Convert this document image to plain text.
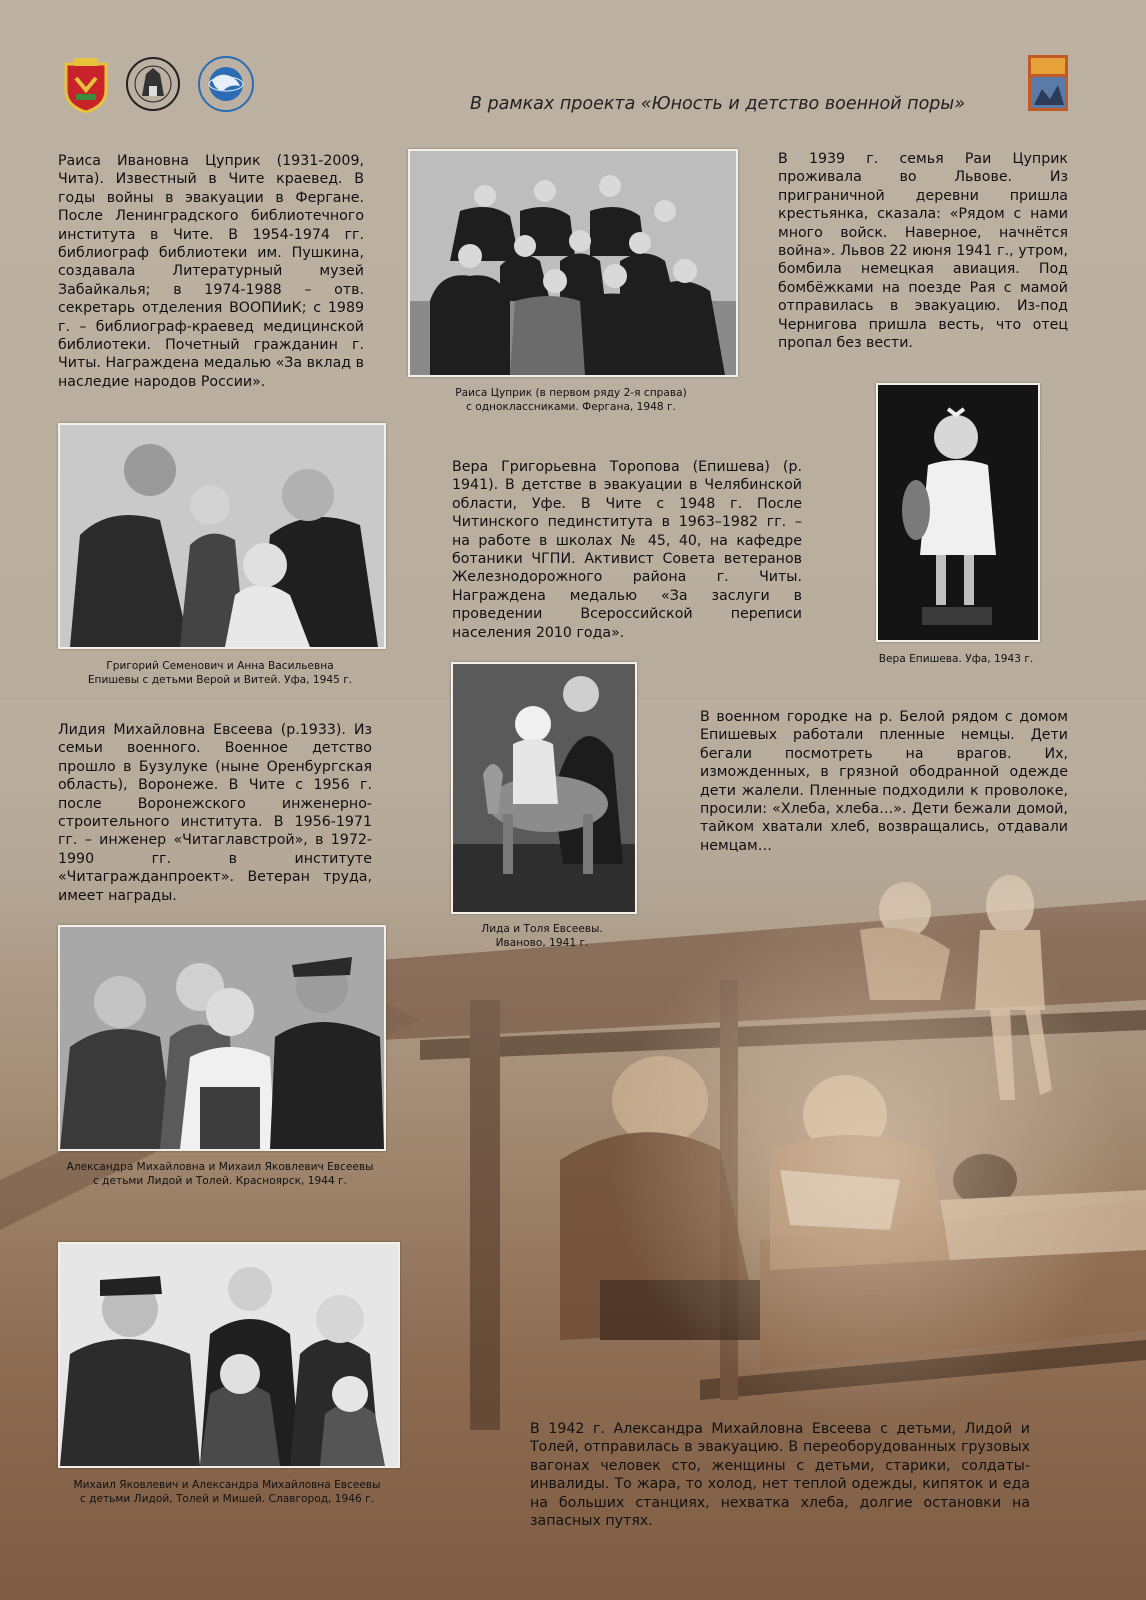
В рамках проекта «Юность и детство военной поры»
Раиса Ивановна Цуприк (1931-2009, Чита). Известный в Чите краевед. В годы войны в эвакуации в Фергане. После Ленинградского библиотечного института в Чите. В 1954-1974 гг. библиограф библиотеки им. Пушкина, создавала Литературный музей Забайкалья; в 1974-1988 – отв. секретарь отделения ВООПИиК; с 1989 г. – библиограф-краевед медицинской библиотеки. Почетный гражданин г. Читы. Награждена медалью «За вклад в наследие народов России».
В 1939 г. семья Раи Цуприк проживала во Львове. Из приграничной деревни пришла крестьянка, сказала: «Рядом с нами много войск. Наверное, начнётся война». Львов 22 июня 1941 г., утром, бомбила немецкая авиация. Под бомбёжками на поезде Рая с мамой отправилась в эвакуацию. Из-под Чернигова пришла весть, что отец пропал без вести.
Вера Григорьевна Торопова (Епишева) (р. 1941). В детстве в эвакуации в Челябинской области, Уфе. В Чите с 1948 г. После Читинского пединститута в 1963–1982 гг. – на работе в школах № 45, 40, на кафедре ботаники ЧГПИ. Активист Совета ветеранов Железнодорожного района г. Читы. Награждена медалью «За заслуги в проведении Всероссийской переписи населения 2010 года».
В военном городке на р. Белой рядом с домом Епишевых работали пленные немцы. Дети бегали посмотреть на врагов. Их, изможденных, в грязной ободранной одежде дети жалели. Пленные подходили к проволоке, просили: «Хлеба, хлеба…». Дети бежали домой, тайком хватали хлеб, возвращались, отдавали немцам…
Лидия Михайловна Евсеева (р.1933). Из семьи военного. Военное детство прошло в Бузулуке (ныне Оренбургская область), Воронеже. В Чите с 1956 г. после Воронежского инженерно-строительного института. В 1956-1971 гг. – инженер «Читаглавстрой», в 1972-1990 гг. в институте «Читагражданпроект». Ветеран труда, имеет награды.
В 1942 г. Александра Михайловна Евсеева с детьми, Лидой и Толей, отправилась в эвакуацию. В переоборудованных грузовых вагонах человек сто, женщины с детьми, старики, солдаты-инвалиды. То жара, то холод, нет теплой одежды, кипяток и еда на больших станциях, нехватка хлеба, долгие остановки на запасных путях.
Раиса Цуприк (в первом ряду 2-я справа)
с одноклассниками. Фергана, 1948 г.
Григорий Семенович и Анна Васильевна
Епишевы с детьми Верой и Витей. Уфа, 1945 г.
Вера Епишева. Уфа, 1943 г.
Лида и Толя Евсеевы.
Иваново, 1941 г.
Александра Михайловна и Михаил Яковлевич Евсеевы
с детьми Лидой и Толей. Красноярск, 1944 г.
Михаил Яковлевич и Александра Михайловна Евсеевы
с детьми Лидой, Толей и Мишей. Славгород, 1946 г.
